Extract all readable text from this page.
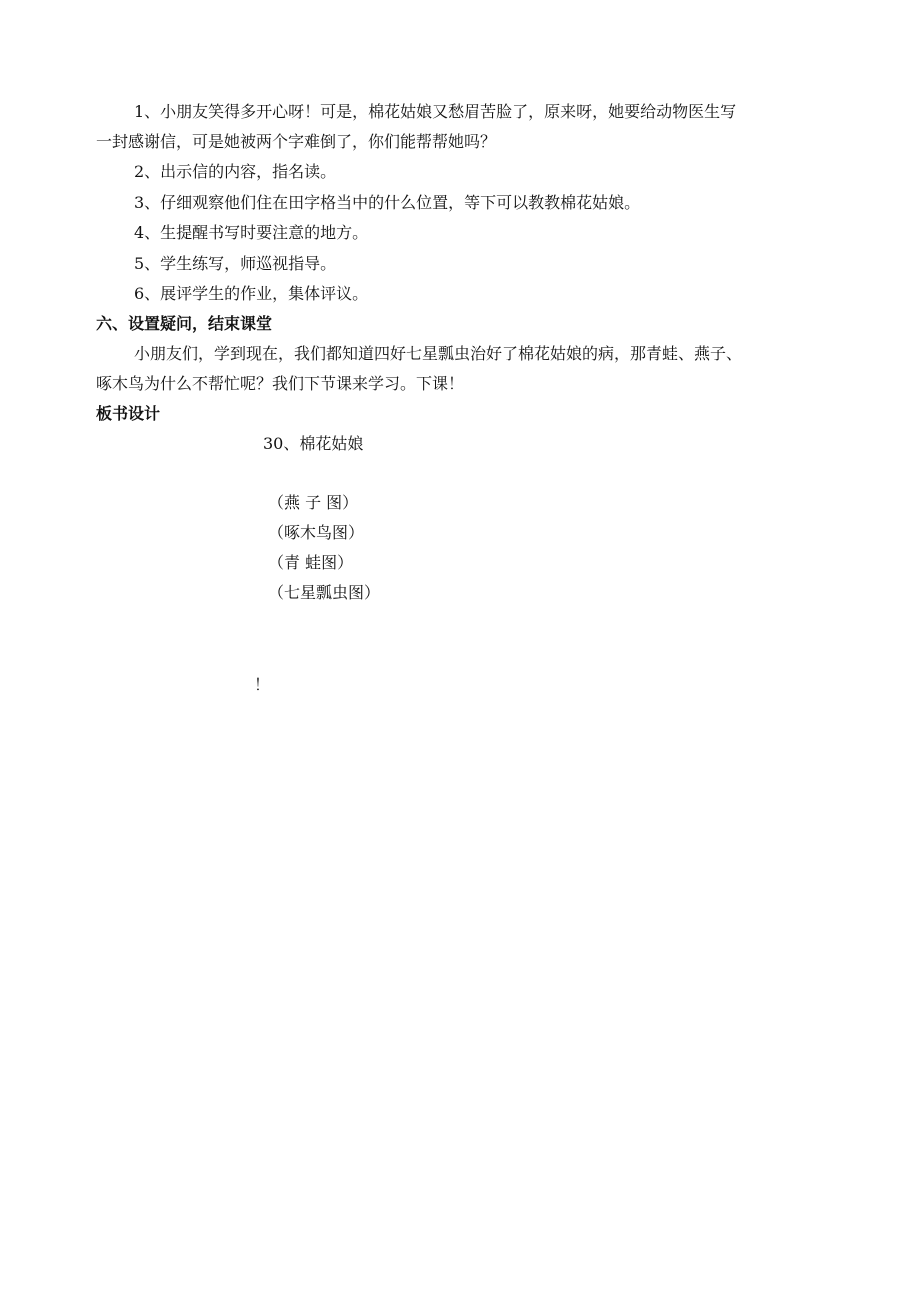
1、小朋友笑得多开心呀！可是，棉花姑娘又愁眉苦脸了，原来呀，她要给动物医生写
一封感谢信，可是她被两个字难倒了，你们能帮帮她吗？
2、出示信的内容，指名读。
3、仔细观察他们住在田字格当中的什么位置，等下可以教教棉花姑娘。
4、生提醒书写时要注意的地方。
5、学生练写，师巡视指导。
6、展评学生的作业，集体评议。
六、设置疑问，结束课堂
小朋友们，学到现在，我们都知道四好七星瓢虫治好了棉花姑娘的病，那青蛙、燕子、
啄木鸟为什么不帮忙呢？我们下节课来学习。下课！
板书设计
30、棉花姑娘
（燕 子 图）
（啄木鸟图）
（青 蛙图）
（七星瓢虫图）
！
